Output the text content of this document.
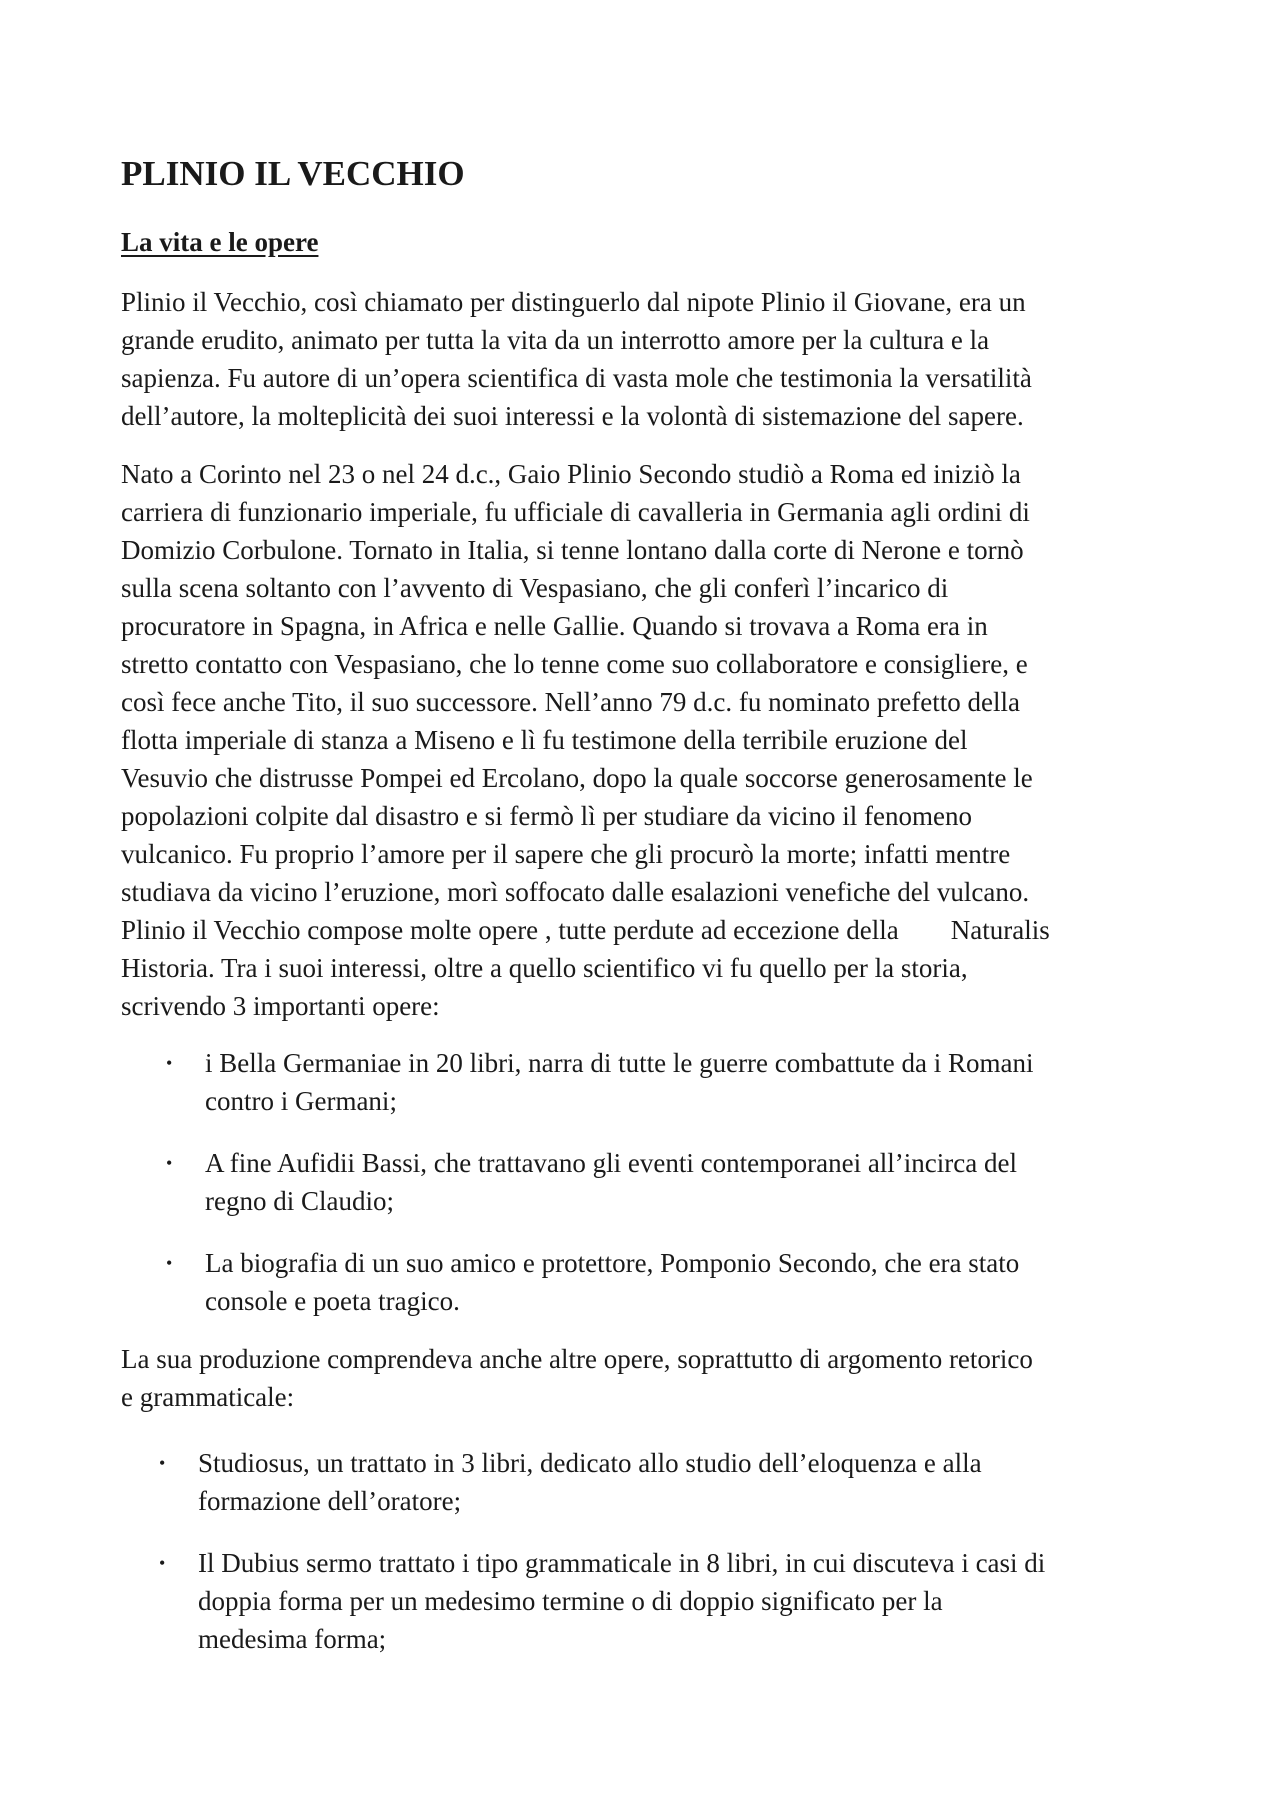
PLINIO IL VECCHIO
La vita e le opere

Plinio il Vecchio, così chiamato per distinguerlo dal nipote Plinio il Giovane, era un

grande erudito, animato per tutta la vita da un interrotto amore per la cultura e la

sapienza. Fu autore di un’opera scientifica di vasta mole che testimonia la versatilità

dell’autore, la molteplicità dei suoi interessi e la volontà di sistemazione del sapere.

Nato a Corinto nel 23 o nel 24 d.c., Gaio Plinio Secondo studiò a Roma ed iniziò la

carriera di funzionario imperiale, fu ufficiale di cavalleria in Germania agli ordini di

Domizio Corbulone. Tornato in Italia, si tenne lontano dalla corte di Nerone e tornò

sulla scena soltanto con l’avvento di Vespasiano, che gli conferì l’incarico di

procuratore in Spagna, in Africa e nelle Gallie. Quando si trovava a Roma era in

stretto contatto con Vespasiano, che lo tenne come suo collaboratore e consigliere, e

così fece anche Tito, il suo successore. Nell’anno 79 d.c. fu nominato prefetto della

flotta imperiale di stanza a Miseno e lì fu testimone della terribile eruzione del

Vesuvio che distrusse Pompei ed Ercolano, dopo la quale soccorse generosamente le

popolazioni colpite dal disastro e si fermò lì per studiare da vicino il fenomeno

vulcanico. Fu proprio l’amore per il sapere che gli procurò la morte; infatti mentre

studiava da vicino l’eruzione, morì soffocato dalle esalazioni venefiche del vulcano.

Plinio il Vecchio compose molte opere , tutte perdute ad eccezione della Naturalis

Historia. Tra i suoi interessi, oltre a quello scientifico vi fu quello per la storia,

scrivendo 3 importanti opere:

• i Bella Germaniae in 20 libri, narra di tutte le guerre combattute da i Romani

contro i Germani;

• A fine Aufidii Bassi, che trattavano gli eventi contemporanei all’incirca del

regno di Claudio;

• La biografia di un suo amico e protettore, Pomponio Secondo, che era stato

console e poeta tragico.

La sua produzione comprendeva anche altre opere, soprattutto di argomento retorico

e grammaticale:

• Studiosus, un trattato in 3 libri, dedicato allo studio dell’eloquenza e alla

formazione dell’oratore;

• Il Dubius sermo trattato i tipo grammaticale in 8 libri, in cui discuteva i casi di

doppia forma per un medesimo termine o di doppio significato per la

medesima forma;
